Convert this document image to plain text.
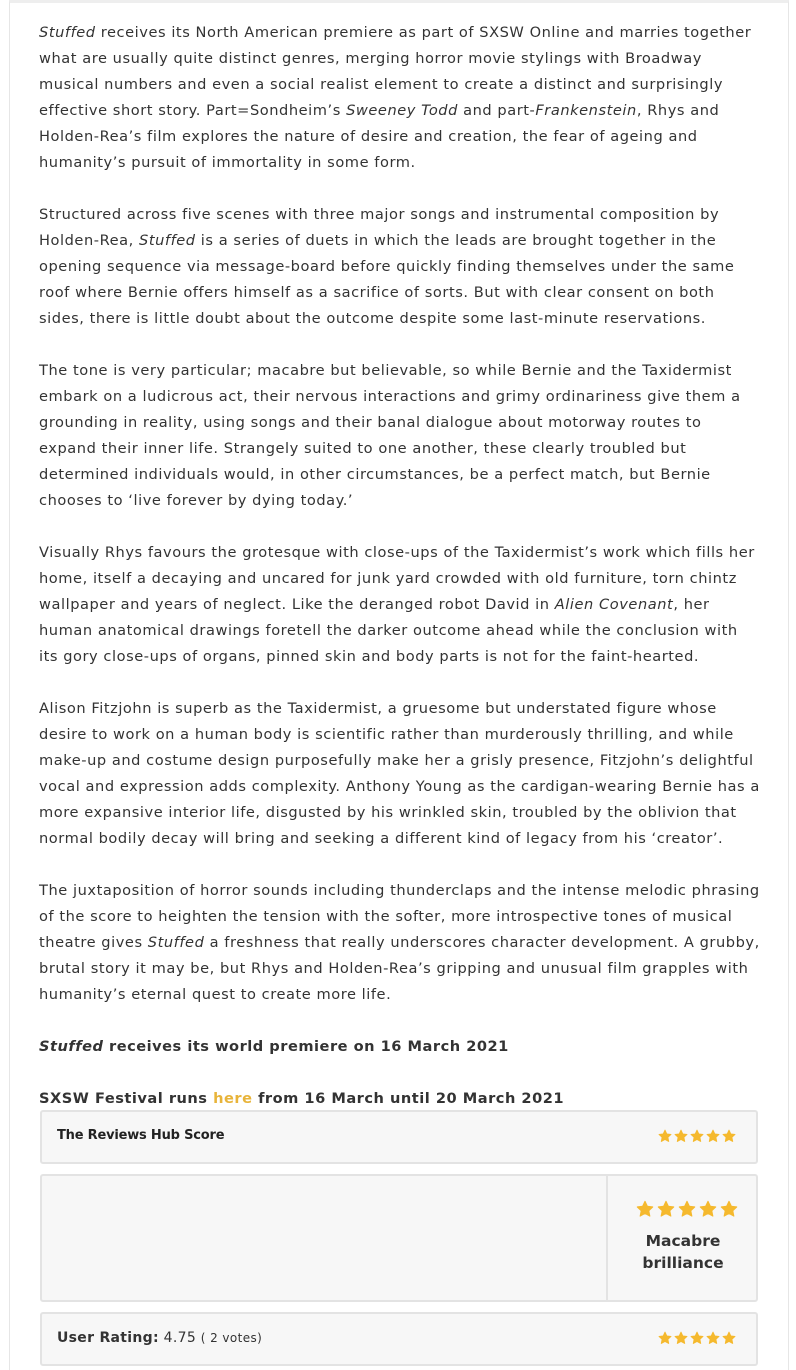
Stuffed receives its North American premiere as part of SXSW Online and marries together what are usually quite distinct genres, merging horror movie stylings with Broadway musical numbers and even a social realist element to create a distinct and surprisingly effective short story. Part=Sondheim’s Sweeney Todd and part-Frankenstein, Rhys and Holden-Rea’s film explores the nature of desire and creation, the fear of ageing and humanity’s pursuit of immortality in some form.

Structured across five scenes with three major songs and instrumental composition by Holden-Rea, Stuffed is a series of duets in which the leads are brought together in the opening sequence via message-board before quickly finding themselves under the same roof where Bernie offers himself as a sacrifice of sorts. But with clear consent on both sides, there is little doubt about the outcome despite some last-minute reservations.

The tone is very particular; macabre but believable, so while Bernie and the Taxidermist embark on a ludicrous act, their nervous interactions and grimy ordinariness give them a grounding in reality, using songs and their banal dialogue about motorway routes to expand their inner life. Strangely suited to one another, these clearly troubled but determined individuals would, in other circumstances, be a perfect match, but Bernie chooses to ‘live forever by dying today.’

Visually Rhys favours the grotesque with close-ups of the Taxidermist’s work which fills her home, itself a decaying and uncared for junk yard crowded with old furniture, torn chintz wallpaper and years of neglect. Like the deranged robot David in Alien Covenant, her human anatomical drawings foretell the darker outcome ahead while the conclusion with its gory close-ups of organs, pinned skin and body parts is not for the faint-hearted.

Alison Fitzjohn is superb as the Taxidermist, a gruesome but understated figure whose desire to work on a human body is scientific rather than murderously thrilling, and while make-up and costume design purposefully make her a grisly presence, Fitzjohn’s delightful vocal and expression adds complexity. Anthony Young as the cardigan-wearing Bernie has a more expansive interior life, disgusted by his wrinkled skin, troubled by the oblivion that normal bodily decay will bring and seeking a different kind of legacy from his ‘creator’.

The juxtaposition of horror sounds including thunderclaps and the intense melodic phrasing of the score to heighten the tension with the softer, more introspective tones of musical theatre gives Stuffed a freshness that really underscores character development. A grubby, brutal story it may be, but Rhys and Holden-Rea’s gripping and unusual film grapples with humanity’s eternal quest to create more life.

Stuffed receives its world premiere on 16 March 2021

SXSW Festival runs here from 16 March until 20 March 2021

The Reviews Hub Score
Macabre
brilliance
User Rating: 4.75 ( 2 votes)
